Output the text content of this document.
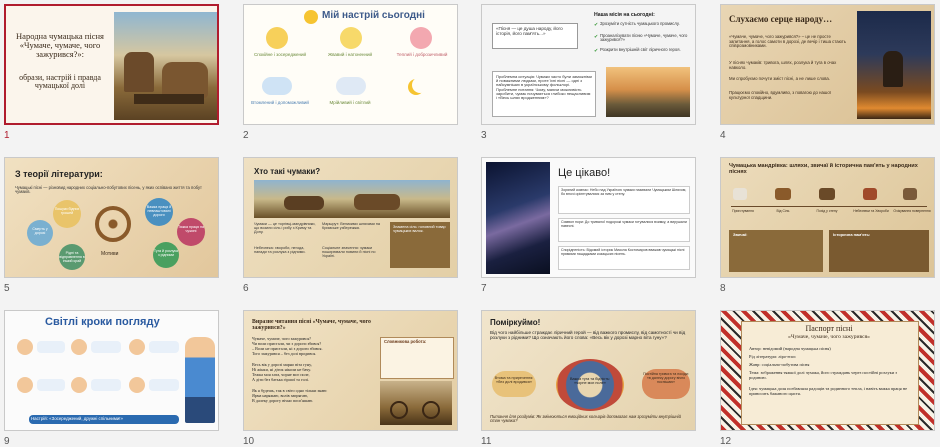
Народна чумацька пісня «Чумаче, чумаче, чого зажурився?»:
образи, настрій і правда чумацької долі
1
Мій настрій сьогодні
Спокійне і зосереджений	Жвавий і натхненний	Теплий і доброзичливий
Втомлений і допоможливий	Мрійливий і світлий
2
«Пісня — це душа народу, його історія, його пам'ять...»
Наша місія на сьогодні:
Зрозуміти сутність чумацького промислу.
Проаналізувати пісню «Чумаче, чумаче, чого зажурився?»
Розкрити внутрішній світ ліричного героя.
✔
✔
✔
Проблемна ситуація: Чумаки часто були заможніми й поважними людьми, проте їхні пісні — одні з найсумніших в українському фольклорі. Проблемне питання: Чому, маючи можливість заробити, чумак почувається глибоко нещасливим і «Весь шлях вродженним»?
3
Слухаємо серце народу…
«Чумаче, чумаче, чого зажурився?» – це не просте запитання, а голос самоти в дорозі, де вечір і тиша стають співрозмовниками.
У піснях чумаків: тривога, шлях, розлука й туга в очах навколо.
Ми спробуємо почути зміст пісні, а не лише слова.
Працюємо спокійно, вдумливо, з повагою до нашої культурної спадщини.
4
З теорії літератури:
Чумацькі пісні — різновид народних соціально-побутових пісень, у яких оспівано життя та побут чумаків.
Мотиви
Пошуки бідних грошей
Важка праця й невлаштовані дороги
Тяжка праця на чужині
Туга й розлука з рідними
Смерть у дорозі
Рідні та відправлення в інший край
5
Хто такі чумаки?
Чумаки — це торгівці-мандрівники, що возили сіль і рибу з Криму та Дону.
Маршрут: Великими шляхами на Кримське узбережжя.
Небезпека: хвороби, негода, напади та розлука з рідними.
Соціальне значення: чумаки поширювали новини й пісні по Україні.
Знамена сіль: головний товар чумацьких валок.
6
Це цікаво!
Зоряний компас: Небо над Україною чумаки називали Чумацьким Шляхом, бо вночі орієнтувалися за ним у степу.
Символ пори: До тривалої подорожі чумаки готувалися взимку, а вирушали навесні.
Спорідненість: Відомий історик Микола Костомаров вважав чумацькі пісні прямими нащадками козацьких пісень.
7
Чумацька мандрівка: шляхи, звичаї й історична пам'ять у народних піснях
Приготування	Від Сіль	Похід у степу	Небезпеки та Хвороби Очікування повернення
Звичаї:	Історична пам'ять:
8
Світлі кроки погляду
Настрій: «Зосереджений, дружні спільними!»
9
Виразне читання пісні «Чумаче, чумаче, чого зажурився?»
Чумаче, чумаче, чого зажурився?
Чи воли пристали, чи з дороги збився?
– Воли не пристали, ні з дороги збився.
Того зажурився – без долі вродився.
Весь вік у дорозі марно віта гуну,
Ні жінки, ні діток ніколи не бачу.
Тежка моя хата, чорне моє поле,
А діти без батька гіршої та голі.
Як я будешь, так в світо одно тільки знаю:
Ярма наряжаю, волів запрягаю,
В далеку дорогу вічно посп'яшаю.
Словникова робота:
10
Поміркуймо!
Від чого найбільше страждає ліричний герой — від важкого промислу, від самотності чи від розлуки з рідними? Що означають його слова: «Весь вік у дорозі марно віта гуну»?
Втома та приречення: «без долі вродився»
Важка туга та бідність: «чорне моє поле»
Постійна тривога та посіди: «в далеку дорогу вічно поспішаю»
Питання для роздумів: Як змінюються емоційних кольорів допомагає нам зрозуміти внутрішній стан чумака?
11
Паспорт пісні
«Чумаче, чумаче, чого зажурився»
Автор: невідомий (народна чумацька пісня)
Рід літератури: ліро-епос
Жанр: соціально-побутова пісня
Тема: зображення тяжкої долі чумака, його страждань через постійні розлуки з родиною.
Ідея: чумацька доля позбавляла радощів та родинного тепла, і навіть важка праця не приносить бажаного щастя.
12
